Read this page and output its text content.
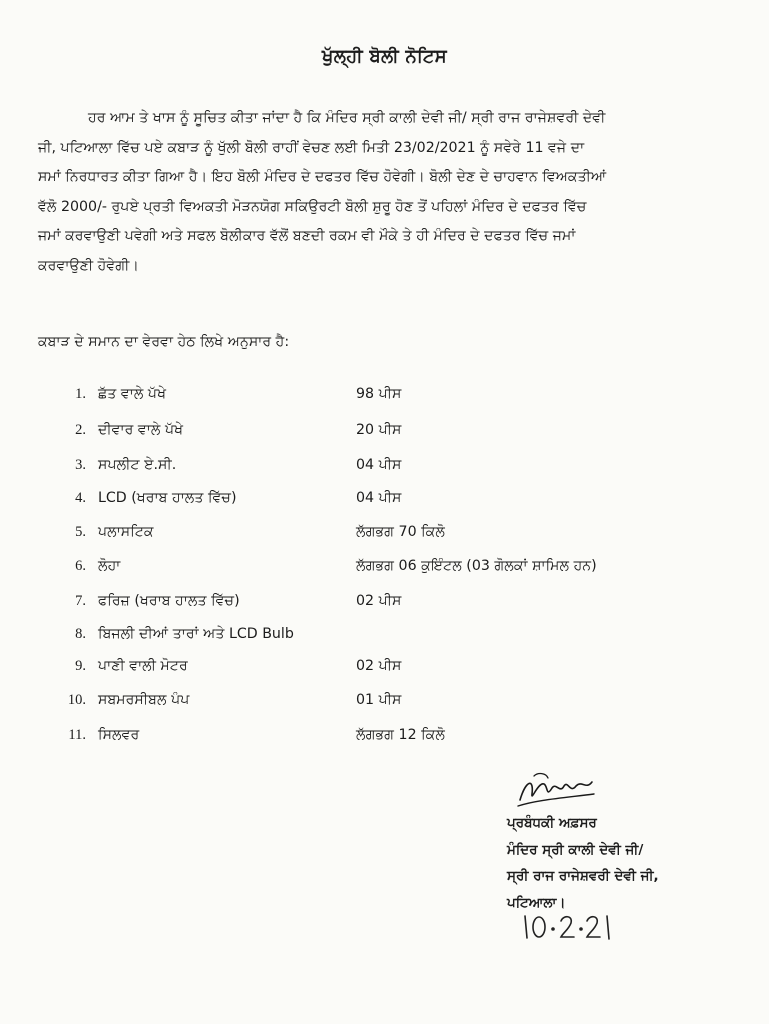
ਖੁੱਲ੍ਹੀ ਬੋਲੀ ਨੋਟਿਸ
ਹਰ ਆਮ ਤੇ ਖਾਸ ਨੂੰ ਸੂਚਿਤ ਕੀਤਾ ਜਾਂਦਾ ਹੈ ਕਿ ਮੰਦਿਰ ਸ੍ਰੀ ਕਾਲੀ ਦੇਵੀ ਜੀ/ ਸ੍ਰੀ ਰਾਜ ਰਾਜੇਸ਼ਵਰੀ ਦੇਵੀ
ਜੀ, ਪਟਿਆਲਾ ਵਿੱਚ ਪਏ ਕਬਾੜ ਨੂੰ ਖੁੱਲੀ ਬੋਲੀ ਰਾਹੀਂ ਵੇਚਣ ਲਈ ਮਿਤੀ 23/02/2021 ਨੂੰ ਸਵੇਰੇ 11 ਵਜੇ ਦਾ
ਸਮਾਂ ਨਿਰਧਾਰਤ ਕੀਤਾ ਗਿਆ ਹੈ। ਇਹ ਬੋਲੀ ਮੰਦਿਰ ਦੇ ਦਫਤਰ ਵਿੱਚ ਹੋਵੇਗੀ। ਬੋਲੀ ਦੇਣ ਦੇ ਚਾਹਵਾਨ ਵਿਅਕਤੀਆਂ
ਵੱਲੋ 2000/- ਰੁਪਏ ਪ੍ਰਤੀ ਵਿਅਕਤੀ ਮੋੜਨਯੋਗ ਸਕਿਉਰਟੀ ਬੋਲੀ ਸ਼ੁਰੂ ਹੋਣ ਤੋਂ ਪਹਿਲਾਂ ਮੰਦਿਰ ਦੇ ਦਫਤਰ ਵਿੱਚ
ਜਮਾਂ ਕਰਵਾਉਣੀ ਪਵੇਗੀ ਅਤੇ ਸਫਲ ਬੋਲੀਕਾਰ ਵੱਲੋਂ ਬਣਦੀ ਰਕਮ ਵੀ ਮੌਕੇ ਤੇ ਹੀ ਮੰਦਿਰ ਦੇ ਦਫਤਰ ਵਿੱਚ ਜਮਾਂ
ਕਰਵਾਉਣੀ ਹੋਵੇਗੀ।
ਕਬਾੜ ਦੇ ਸਮਾਨ ਦਾ ਵੇਰਵਾ ਹੇਠ ਲਿਖੇ ਅਨੁਸਾਰ ਹੈ:
1. ਛੱਤ ਵਾਲੇ ਪੱਖੇ	98 ਪੀਸ
2. ਦੀਵਾਰ ਵਾਲੇ ਪੱਖੇ	20 ਪੀਸ
3. ਸਪਲੀਟ ਏ.ਸੀ.	04 ਪੀਸ
4. LCD (ਖਰਾਬ ਹਾਲਤ ਵਿੱਚ)	04 ਪੀਸ
5. ਪਲਾਸਟਿਕ	ਲੱਗਭਗ 70 ਕਿਲੋ
6. ਲੋਹਾ	ਲੱਗਭਗ 06 ਕੁਇੰਟਲ (03 ਗੋਲਕਾਂ ਸ਼ਾਮਿਲ ਹਨ)
7. ਫਰਿਜ਼ (ਖਰਾਬ ਹਾਲਤ ਵਿੱਚ)	02 ਪੀਸ
8. ਬਿਜਲੀ ਦੀਆਂ ਤਾਰਾਂ ਅਤੇ LCD Bulb
9. ਪਾਣੀ ਵਾਲੀ ਮੋਟਰ	02 ਪੀਸ
10. ਸਬਮਰਸੀਬਲ ਪੰਪ	01 ਪੀਸ
11. ਸਿਲਵਰ	ਲੱਗਭਗ 12 ਕਿਲੋ
ਪ੍ਰਬੰਧਕੀ ਅਫ਼ਸਰ
ਮੰਦਿਰ ਸ੍ਰੀ ਕਾਲੀ ਦੇਵੀ ਜੀ/
ਸ੍ਰੀ ਰਾਜ ਰਾਜੇਸ਼ਵਰੀ ਦੇਵੀ ਜੀ,
ਪਟਿਆਲਾ।
